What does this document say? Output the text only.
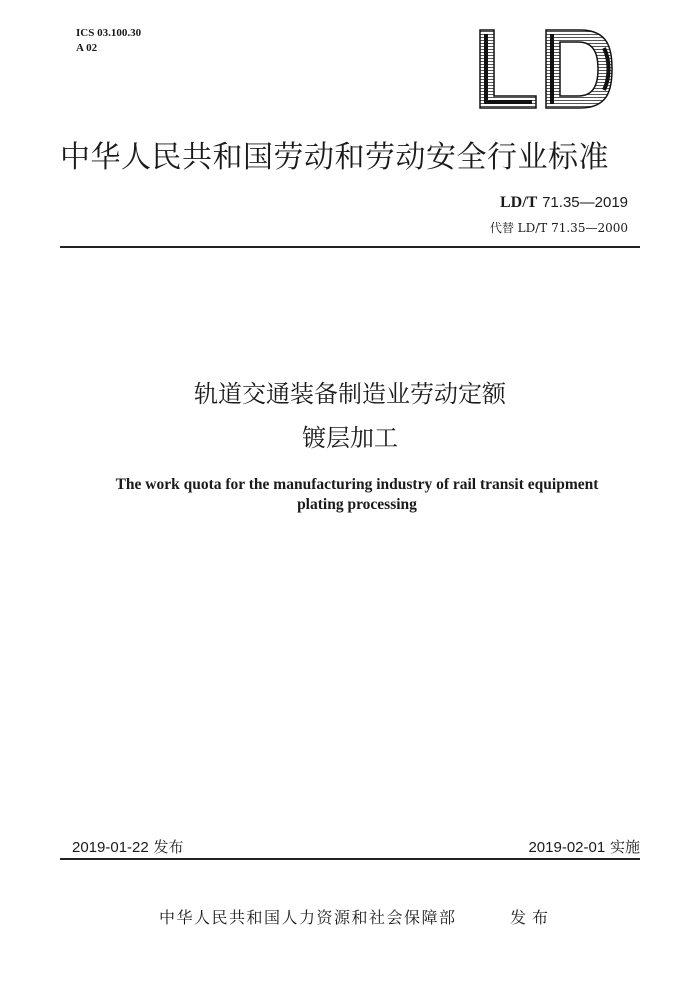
ICS 03.100.30
A 02
中华人民共和国劳动和劳动安全行业标准
LD/T 71.35—2019
代替 LD/T 71.35—2000
轨道交通装备制造业劳动定额
镀层加工
The work quota for the manufacturing industry of rail transit equipment
plating processing
2019-01-22 发布	2019-02-01 实施
中华人民共和国人力资源和社会保障部	发布
